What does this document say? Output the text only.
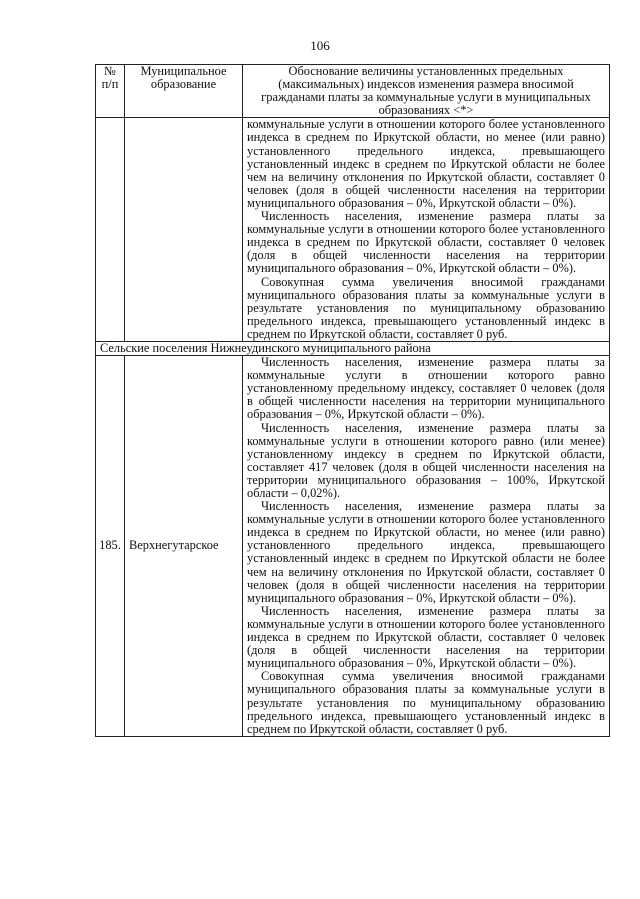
106
№ п/п	Муниципальное образование	Обоснование величины установленных предельных (максимальных) индексов изменения размера вносимой гражданами платы за коммунальные услуги в муниципальных образованиях <*>

		коммунальные услуги в отношении которого более установленного индекса в среднем по Иркутской области, но менее (или равно) установленного предельного индекса, превышающего установленный индекс в среднем по Иркутской области не более чем на величину отклонения по Иркутской области, составляет 0 человек (доля в общей численности населения на территории муниципального образования – 0%, Иркутской области – 0%).

Численность населения, изменение размера платы за коммунальные услуги в отношении которого более установленного индекса в среднем по Иркутской области, составляет 0 человек (доля в общей численности населения на территории муниципального образования – 0%, Иркутской области – 0%).

Совокупная сумма увеличения вносимой гражданами муниципального образования платы за коммунальные услуги в результате установления по муниципальному образованию предельного индекса, превышающего установленный индекс в среднем по Иркутской области, составляет 0 руб.

Сельские поселения Нижнеудинского муниципального района		
185.	Верхнегутарское	Численность населения, изменение размера платы за коммунальные услуги в отношении которого равно установленному предельному индексу, составляет 0 человек (доля в общей численности населения на территории муниципального образования – 0%, Иркутской области – 0%).

Численность населения, изменение размера платы за коммунальные услуги в отношении которого равно (или менее) установленному индексу в среднем по Иркутской области, составляет 417 человек (доля в общей численности населения на территории муниципального образования – 100%, Иркутской области – 0,02%).

Численность населения, изменение размера платы за коммунальные услуги в отношении которого более установленного индекса в среднем по Иркутской области, но менее (или равно) установленного предельного индекса, превышающего установленный индекс в среднем по Иркутской области не более чем на величину отклонения по Иркутской области, составляет 0 человек (доля в общей численности населения на территории муниципального образования – 0%, Иркутской области – 0%).

Численность населения, изменение размера платы за коммунальные услуги в отношении которого более установленного индекса в среднем по Иркутской области, составляет 0 человек (доля в общей численности населения на территории муниципального образования – 0%, Иркутской области – 0%).

Совокупная сумма увеличения вносимой гражданами муниципального образования платы за коммунальные услуги в результате установления по муниципальному образованию предельного индекса, превышающего установленный индекс в среднем по Иркутской области, составляет 0 руб.
